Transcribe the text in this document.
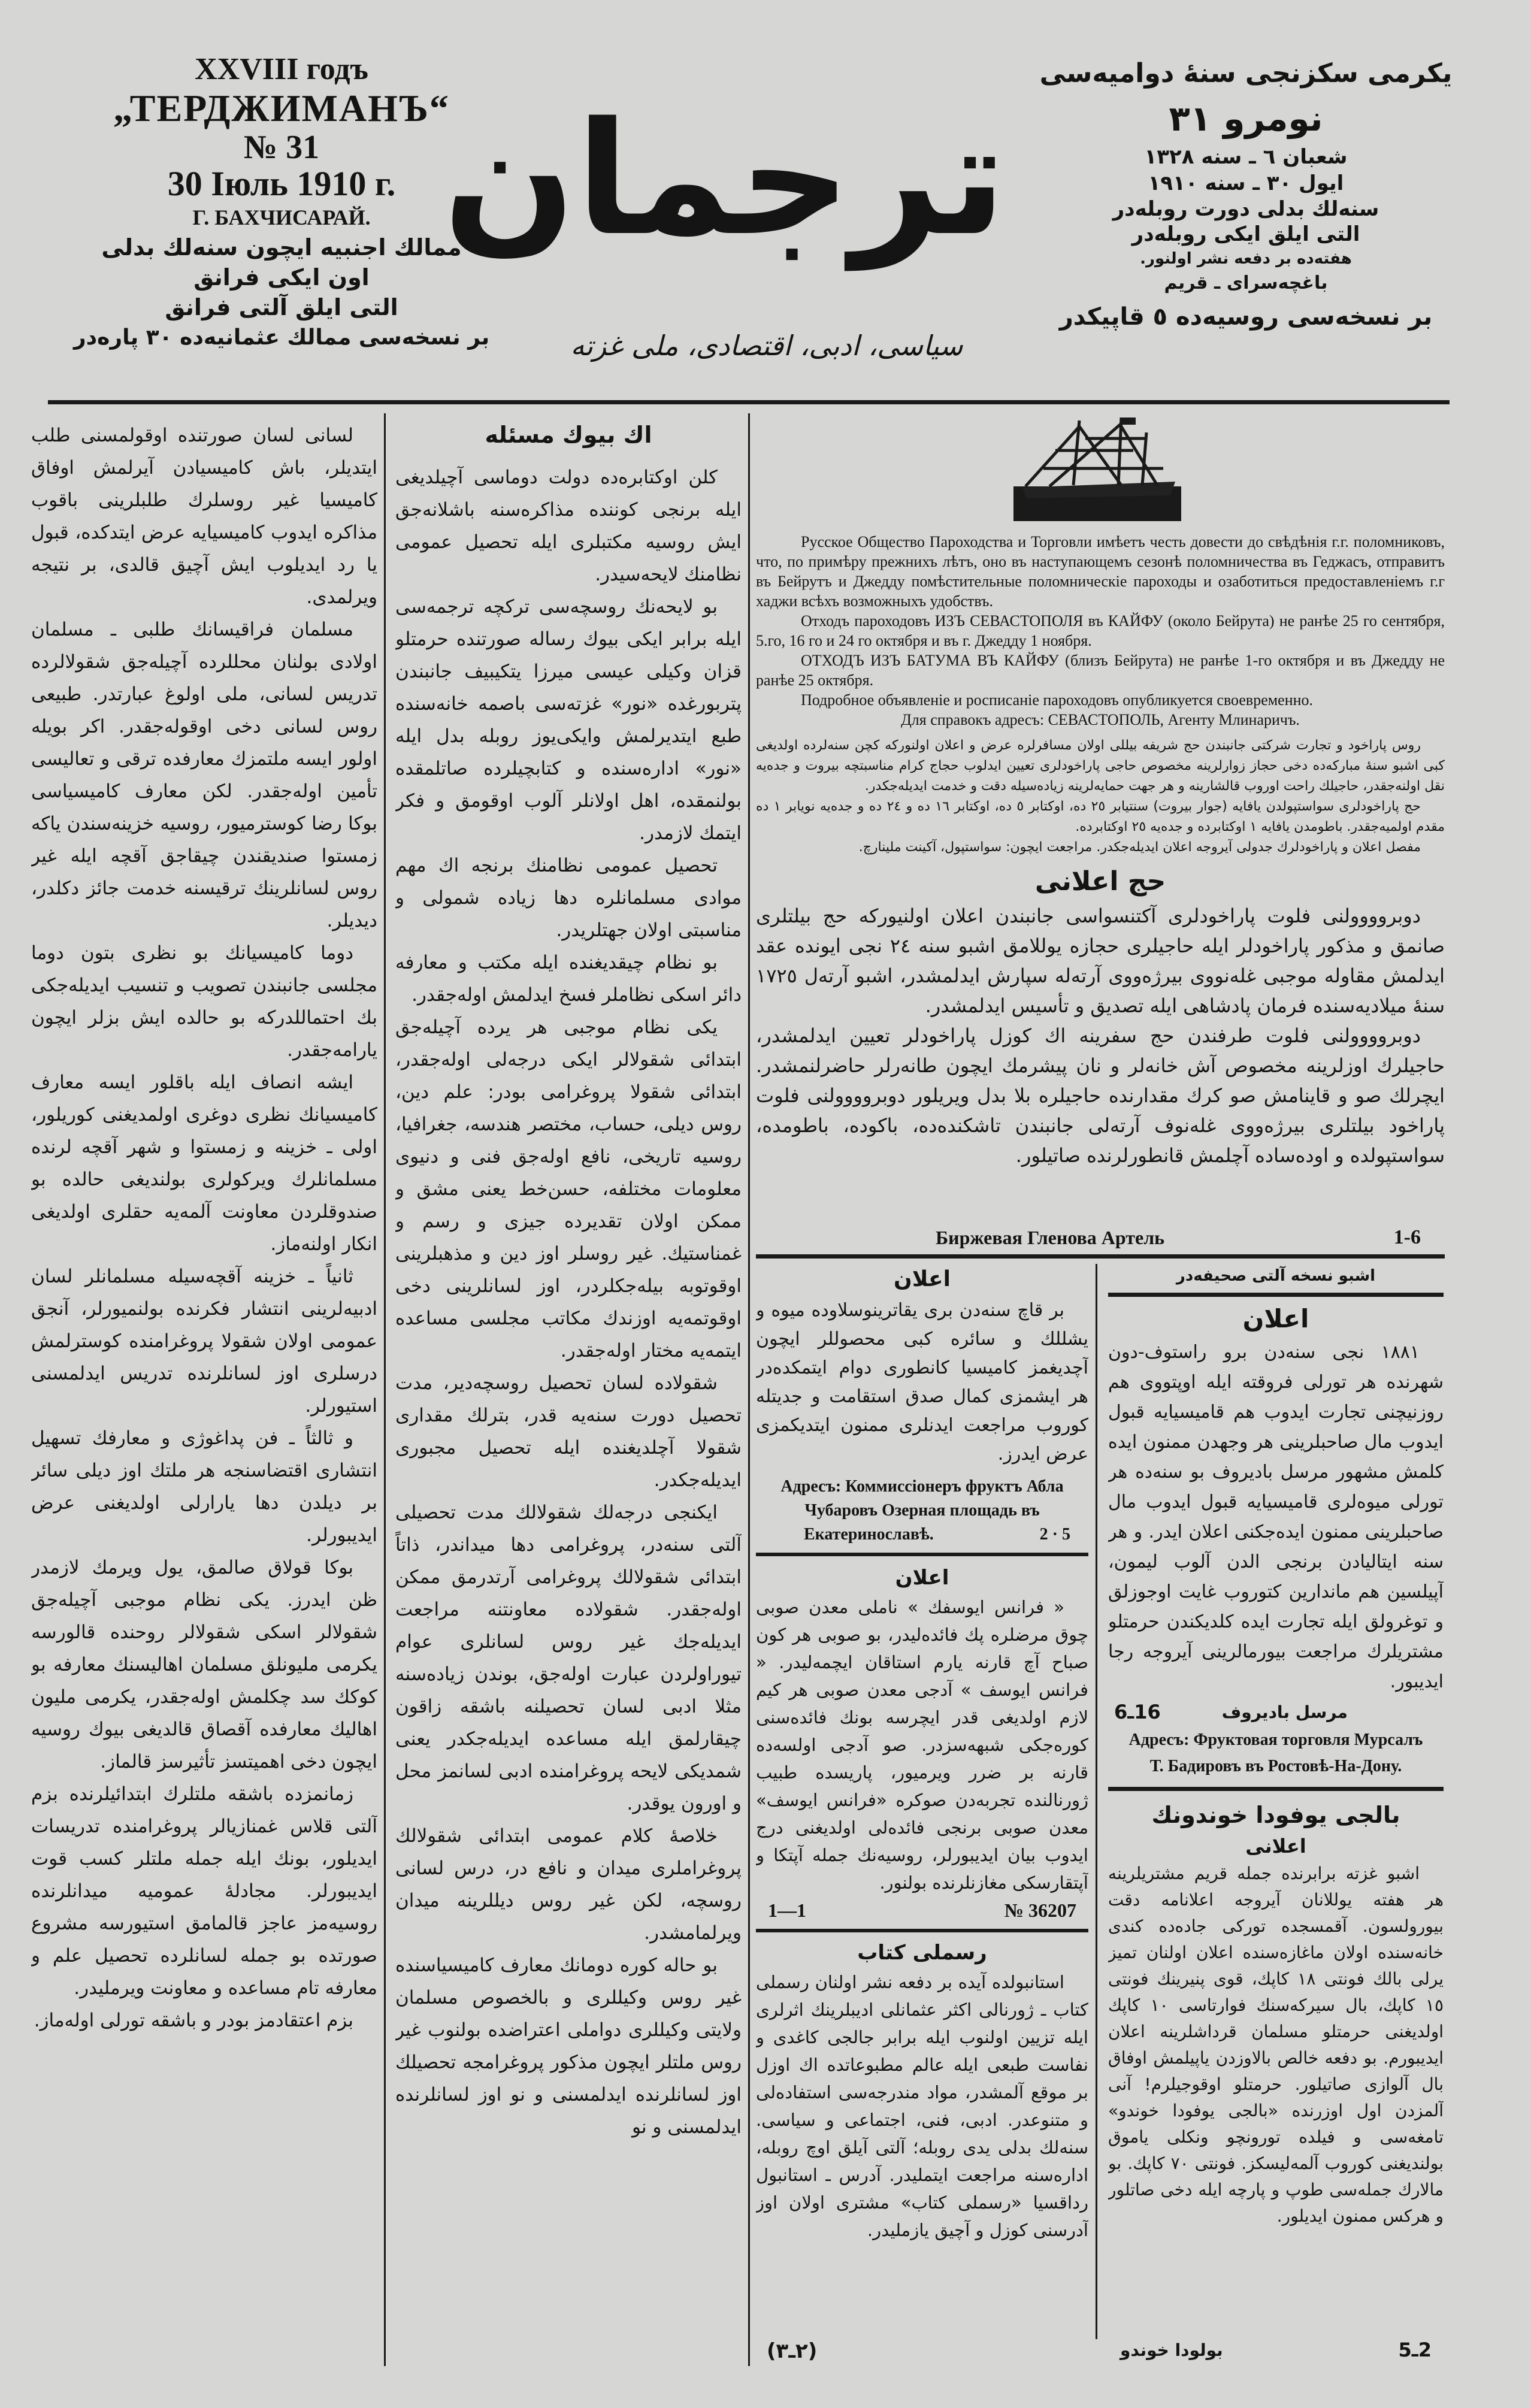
XXVIII годъ
„ТЕРДЖИМАНЪ“
№ 31
30 Іюль 1910 г.
Г. БАХЧИСАРАЙ.
ممالك اجنبيه ايچون سنه‌لك بدلى
اون ايكى فرانق
التى ايلق آلتى فرانق
بر نسخه‌سى ممالك عثمانيه‌ده ٣٠ پاره‌در
ترجمان
سياسى، ادبى، اقتصادى، ملى غزته
يكرمى سكزنجى سنهٔ دواميه‌سى
نومرو ٣١
شعبان ٦ ـ سنه ١٣٢٨
ايول ٣٠ ـ سنه ١٩١٠
سنه‌لك بدلى دورت روبله‌در
التى ايلق ايكى روبله‌در
هفته‌ده بر دفعه نشر اولنور.
باغچه‌سراى ـ قريم
بر نسخه‌سى روسيه‌ده ٥ قاپيكدر

لسانى لسان صورتنده اوقولمسنى طلب ايتديلر، باش كاميسيادن آيرلمش اوفاق كاميسيا غير روسلرك طلبلرينى باقوب مذاكره ايدوب كاميسيايه عرض ايتدكده، قبول يا رد ايديلوب ايش آچيق قالدى، بر نتيجه ويرلمدى.

مسلمان فراقيسانك طلبى ـ مسلمان اولادى بولنان محللرده آچيله‌جق شقولالرده تدريس لسانى، ملى اولوغ عبارتدر. طبيعى روس لسانى دخى اوقوله‌جقدر. اكر بويله اولور ايسه ملتمزك معارفده ترقى و تعاليسى تأمين اوله‌جقدر. لكن معارف كاميسياسى بوكا رضا كوسترميور، روسيه خزينه‌سندن ياكه زمستوا صنديقندن چيقاجق آقچه ايله غير روس لسانلرينك ترقيسنه خدمت جائز دكلدر، ديديلر.

دوما كاميسيانك بو نظرى بتون دوما مجلسى جانبندن تصويب و تنسيب ايديله‌جكى بك احتماللدركه بو حالده ايش بزلر ايچون يارامه‌جقدر.

ايشه انصاف ايله باقلور ايسه معارف كاميسيانك نظرى دوغرى اولمديغنى كوريلور، اولى ـ خزينه و زمستوا و شهر آقچه لرنده مسلمانلرك ويركولرى بولنديغى حالده بو صندوقلردن معاونت آلمه‌يه حقلرى اولديغى انكار اولنه‌ماز.

ثانياً ـ خزينه آقچه‌سيله مسلمانلر لسان ادبيه‌لرينى انتشار فكرنده بولنميورلر، آنجق عمومى اولان شقولا پروغرامنده كوسترلمش درسلرى اوز لسانلرنده تدريس ايدلمسنى استيورلر.

و ثالثاً ـ فن پداغوژى و معارفك تسهيل انتشارى اقتضاسنجه هر ملتك اوز ديلى سائر بر ديلدن دها يارارلى اولديغنى عرض ايديبورلر.

بوكا قولاق صالمق، يول ويرمك لازمدر ظن ايدرز. يكى نظام موجبى آچيله‌جق شقولالر اسكى شقولالر روحنده قالورسه يكرمى مليونلق مسلمان اهاليسنك معارفه بو كوكك سد چكلمش اوله‌جقدر، يكرمى مليون اهاليك معارفده آقصاق قالديغى بيوك روسيه ايچون دخى اهميتسز تأثيرسز قالماز.

زمانمزده باشقه ملتلرك ابتدائيلرنده بزم آلتى قلاس غمنازيالر پروغرامنده تدريسات ايديلور، بونك ايله جمله ملتلر كسب قوت ايديبورلر. مجادلهٔ عموميه ميدانلرنده روسيه‌مز عاجز قالمامق استيورسه مشروع صورتده بو جمله لسانلرده تحصيل علم و معارفه تام مساعده و معاونت ويرمليدر.

بزم اعتقادمز بودر و باشقه تورلى اوله‌ماز.

اك بيوك مسئله

كلن اوكتابره‌ده دولت دوماسى آچيلديغى ايله برنجى كوننده مذاكره‌سنه باشلانه‌جق ايش روسيه مكتبلرى ايله تحصيل عمومى نظامنك لايحه‌سيدر.

بو لايحه‌نك روسچه‌سى تركچه ترجمه‌سى ايله برابر ايكى بيوك رساله صورتنده حرمتلو قزان وكيلى عيسى ميرزا يتكيبيف جانبندن پتربورغده «نور» غزته‌سى باصمه خانه‌سنده طبع ايتديرلمش وايكى‌يوز روبله بدل ايله «نور» اداره‌سنده و كتابچيلرده صاتلمقده بولنمقده، اهل اولانلر آلوب اوقومق و فكر ايتمك لازمدر.

تحصيل عمومى نظامنك برنجه اك مهم موادى مسلمانلره دها زياده شمولى و مناسبتى اولان جهتلريدر.

بو نظام چيقديغنده ايله مكتب و معارفه دائر اسكى نظاملر فسخ ايدلمش اوله‌جقدر.

يكى نظام موجبى هر يرده آچيله‌جق ابتدائى شقولالر ايكى درجه‌لى اوله‌جقدر، ابتدائى شقولا پروغرامى بودر: علم دين، روس ديلى، حساب، مختصر هندسه، جغرافيا، روسيه تاريخى، نافع اوله‌جق فنى و دنيوى معلومات مختلفه، حسن‌خط يعنى مشق و ممكن اولان تقديرده جيزى و رسم و غمناستيك. غير روسلر اوز دين و مذهبلرينى اوقوتوبه بيله‌جكلردر، اوز لسانلرينى دخى اوقوتمه‌يه اوزندك مكاتب مجلسى مساعده ايتمه‌يه مختار اوله‌جقدر.

شقولاده لسان تحصيل روسچه‌دير، مدت تحصيل دورت سنه‌يه قدر، بترلك مقدارى شقولا آچلديغنده ايله تحصيل مجبورى ايديله‌جكدر.

ايكنجى درجه‌لك شقولالك مدت تحصيلى آلتى سنه‌در، پروغرامى دها ميداندر، ذاتاً ابتدائى شقولالك پروغرامى آرتدرمق ممكن اوله‌جقدر. شقولاده معاونتنه مراجعت ايديله‌جك غير روس لسانلرى عوام تيوراولردن عبارت اوله‌جق، بوندن زياده‌سنه مثلا ادبى لسان تحصيلنه باشقه زاقون چيقارلمق ايله مساعده ايديله‌جكدر يعنى شمديكى لايحه پروغرامنده ادبى لسانمز محل و اورون يوقدر.

خلاصهٔ كلام عمومى ابتدائى شقولالك پروغراملرى ميدان و نافع در، درس لسانى روسچه، لكن غير روس ديللرينه ميدان ويرلمامشدر.

بو حاله كوره دومانك معارف كاميسياسنده غير روس وكيللرى و بالخصوص مسلمان ولايتى وكيللرى دواملى اعتراضده بولنوب غير روس ملتلر ايچون مذكور پروغرامجه تحصيلك اوز لسانلرنده ايدلمسنى و نو اوز لسانلرنده ايدلمسنى و نو

Русское Общество Пароходства и Торговли имѣетъ честь довести до свѣдѣнія г.г. поломниковъ, что, по примѣру прежнихъ лѣтъ, оно въ наступающемъ сезонѣ поломничества въ Геджасъ, отправитъ въ Бейрутъ и Джедду помѣстительные поломническіе пароходы и озаботиться предоставленіемъ г.г хаджи всѣхъ возможныхъ удобствъ.
Отходъ пароходовъ ИЗЪ СЕВАСТОПОЛЯ въ КАЙФУ (около Бейрута) не ранѣе 25 го сентября, 5.го, 16 го и 24 го октября и въ г. Джедду 1 ноября.
ОТХОДЪ ИЗЪ БАТУМА ВЪ КАЙФУ (близъ Бейрута) не ранѣе 1-го октября и въ Джедду не ранѣе 25 октября.
Подробное объявленіе и росписаніе пароходовъ опубликуется своевременно.
Для справокъ адресъ: СЕВАСТОПОЛЬ, Агенту Млинаричъ.

روس پاراخود و تجارت شركتى جانبندن حج شريفه بيللى اولان مسافرلره عرض و اعلان اولنوركه كچن سنه‌لرده اولديغى كبى اشبو سنهٔ مباركه‌ده دخى حجاز زوارلرينه مخصوص حاجى پاراخودلرى تعيين ايدلوب حجاج كرام مناسبتچه بيروت و جده‌يه نقل اولنه‌جقدر، حاجيلك راحت اوروب قالشارينه و هر جهت حمايه‌لرينه زياده‌سيله دقت و خدمت ايديله‌جكدر.

حج پاراخودلرى سواستپولدن يافايه (جوار بيروت) سنتيابر ٢٥ ده، اوكتابر ٥ ده، اوكتابر ١٦ ده و ٢٤ ده و جده‌يه نويابر ١ ده مقدم اولميه‌جقدر. باطومدن يافايه ١ اوكتابرده و جده‌يه ٢٥ اوكتابرده.

مفصل اعلان و پاراخودلرك جدولى آيروجه اعلان ايديله‌جكدر. مراجعت ايچون: سواستپول، آكينت ملينارچ.

حج اعلانى

دوبروووولنى فلوت پاراخودلرى آكتنسواسى جانبندن اعلان اولنيوركه حج بيلتلرى صانمق و مذكور پاراخودلر ايله حاجيلرى حجازه يوللامق اشبو سنه ٢٤ نجى ايونده عقد ايدلمش مقاوله موجبى غله‌نووى بيرژه‌ووى آرته‌له سپارش ايدلمشدر، اشبو آرته‌ل ١٧٢٥ سنهٔ ميلاديه‌سنده فرمان پادشاهى ايله تصديق و تأسيس ايدلمشدر.

دوبروووولنى فلوت طرفندن حج سفرينه اك كوزل پاراخودلر تعيين ايدلمشدر، حاجيلرك اوزلرينه مخصوص آش خانه‌لر و نان پيشرمك ايچون طانه‌رلر حاضرلنمشدر. ايچرلك صو و قاينامش صو كرك مقدارنده حاجيلره بلا بدل ويريلور دوبروووولنى فلوت پاراخود بيلتلرى بيرژه‌ووى غله‌نوف آرته‌لى جانبندن تاشكنده‌ده، باكوده، باطومده، سواستپولده و اوده‌ساده آچلمش قانطورلرنده صاتيلور.

Биржевая Гленова Артель	1-6
اعلان

بر قاچ سنه‌دن برى يقاترينوسلاوده ميوه و يشللك و سائره كبى محصوللر ايچون آچديغمز كاميسيا كانطورى دوام ايتمكده‌در هر ايشمزى كمال صدق استقامت و جديتله كوروب مراجعت ايدنلرى ممنون ايتديكمزى عرض ايدرز.

Адресъ: Коммиссіонеръ фруктъ Абла
Чубаровъ Озерная площадь въ
Екатеринославѣ.	2 · 5
اعلان

« فرانس ايوسفك » ناملى معدن صوبى چوق مرضلره پك فائده‌ليدر، بو صوبى هر كون صباح آچ قارنه يارم استاقان ايچمه‌ليدر. « فرانس ايوسف » آدجى معدن صوبى هر كيم لازم اولديغى قدر ايچرسه بونك فائده‌سنى كوره‌جكى شبهه‌سزدر. صو آدجى اولسه‌ده قارنه بر ضرر ويرميور، پاريسده طبيب ژورنالنده تجربه‌دن صوكره «فرانس ايوسف» معدن صوبى برنجى فائده‌لى اولديغنى درج ايدوب بيان ايديبورلر، روسيه‌نك جمله آپتكا و آپتقارسكى مغازنلرنده بولنور.

1—1	№ 36207
رسملى كتاب

استانبولده آيده بر دفعه نشر اولنان رسملى كتاب ـ ژورنالى اكثر عثمانلى اديبلرينك اثرلرى ايله تزيين اولنوب ايله برابر جالجى كاغدى و نفاست طبعى ايله عالم مطبوعاتده اك اوزل بر موقع آلمشدر، مواد مندرجه‌سى استفاده‌لى و متنوعدر. ادبى، فنى، اجتماعى و سياسى. سنه‌لك بدلى يدى روبله؛ آلتى آيلق اوچ روبله، اداره‌سنه مراجعت ايتمليدر. آدرس ـ استانبول رداقسيا «رسملى كتاب» مشترى اولان اوز آدرسنى كوزل و آچيق يازمليدر.

(٢ـ٣)
اشبو نسخه آلتى صحيفه‌در
اعلان

١٨٨١ نجى سنه‌دن برو راستوف-دون شهرنده هر تورلى فروقته ايله اوپتووى هم روزنيچنى تجارت ايدوب هم قاميسيايه قبول ايدوب مال صاحبلرينى هر وجهدن ممنون ايده كلمش مشهور مرسل باديروف بو سنه‌ده هر تورلى ميوه‌لرى قاميسيايه قبول ايدوب مال صاحبلرينى ممنون ايده‌جكنى اعلان ايدر. و هر سنه ايتاليادن برنجى الدن آلوب ليمون، آپيلسين هم ماندارين كتوروب غايت اوجوزلق و توغرولق ايله تجارت ايده كلديكندن حرمتلو مشتريلرك مراجعت بيورمالرينى آيروجه رجا ايديبور.

16ـ6	مرسل باديروف
Адресъ: Фруктовая торговля Мурсалъ
Т. Бадировъ въ Ростовѣ-На-Дону.
بالجى يوفودا خوندونك
اعلانى

اشبو غزته برابرنده جمله قريم مشتريلرينه هر هفته يوللانان آيروجه اعلانامه دقت بيورولسون. آقمسجده توركى جاده‌ده كندى خانه‌سنده اولان ماغازه‌سنده اعلان اولنان تميز يرلى بالك فونتى ١٨ كاپك، قوى پنيرينك فونتى ١٥ كاپك، بال سيركه‌سنك فوارتاسى ١٠ كاپك اولديغنى حرمتلو مسلمان قرداشلرينه اعلان ايديبورم. بو دفعه خالص بالاوزدن ياپيلمش اوفاق بال آلوازى صاتيلور. حرمتلو اوقوجيلرم! آنى آلمزدن اول اوزرنده «بالجى يوفودا خوندو» تامغه‌سى و فيلده تورونچو ونكلى ياموق بولنديغنى كوروب آلمه‌ليسكز. فونتى ٧٠ كاپك. بو مالارك جمله‌سى طوپ و پارچه ايله دخى صاتلور و هركس ممنون ايديلور.

بولودا خوندو	2ـ5
